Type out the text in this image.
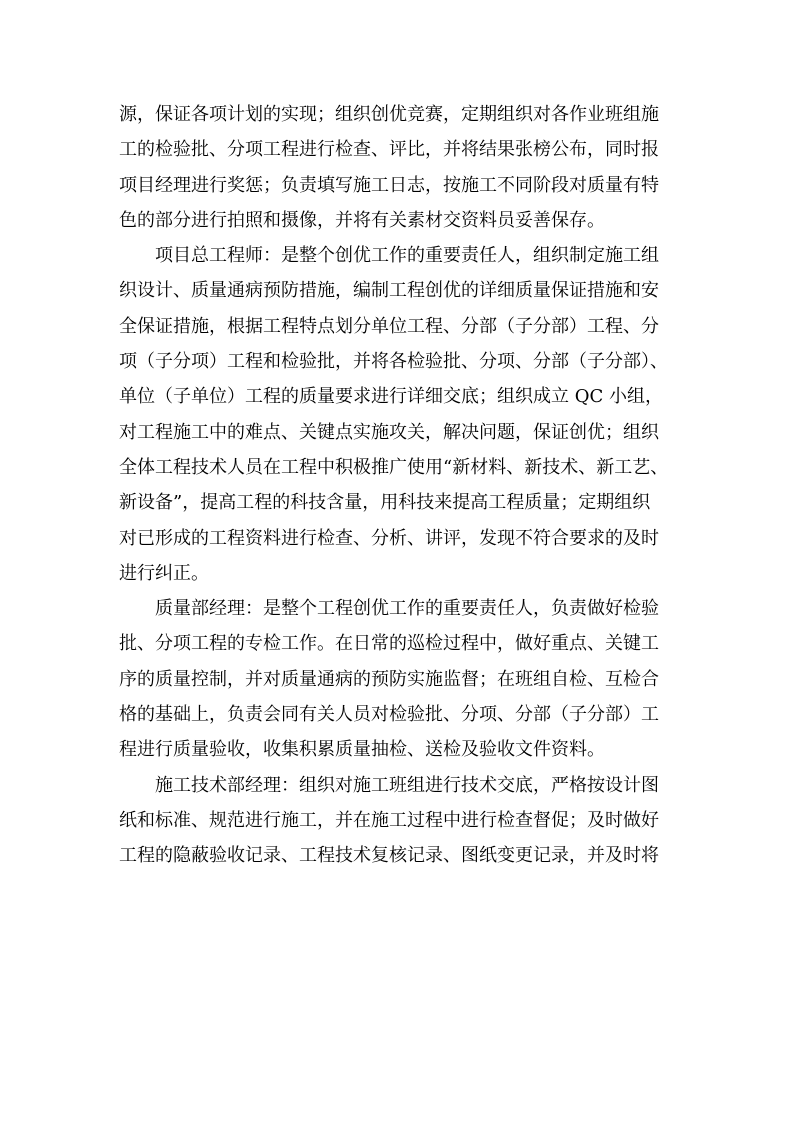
源，保证各项计划的实现；组织创优竞赛，定期组织对各作业班组施
工的检验批、分项工程进行检查、评比，并将结果张榜公布，同时报
项目经理进行奖惩；负责填写施工日志，按施工不同阶段对质量有特
色的部分进行拍照和摄像，并将有关素材交资料员妥善保存。

项目总工程师：是整个创优工作的重要责任人，组织制定施工组
织设计、质量通病预防措施，编制工程创优的详细质量保证措施和安
全保证措施，根据工程特点划分单位工程、分部（子分部）工程、分
项（子分项）工程和检验批，并将各检验批、分项、分部（子分部）、
单位（子单位）工程的质量要求进行详细交底；组织成立 QC 小组，
对工程施工中的难点、关键点实施攻关，解决问题，保证创优；组织
全体工程技术人员在工程中积极推广使用“新材料、新技术、新工艺、
新设备”，提高工程的科技含量，用科技来提高工程质量；定期组织
对已形成的工程资料进行检查、分析、讲评，发现不符合要求的及时
进行纠正。

质量部经理：是整个工程创优工作的重要责任人，负责做好检验
批、分项工程的专检工作。在日常的巡检过程中，做好重点、关键工
序的质量控制，并对质量通病的预防实施监督；在班组自检、互检合
格的基础上，负责会同有关人员对检验批、分项、分部（子分部）工
程进行质量验收，收集积累质量抽检、送检及验收文件资料。

施工技术部经理：组织对施工班组进行技术交底，严格按设计图
纸和标准、规范进行施工，并在施工过程中进行检查督促；及时做好
工程的隐蔽验收记录、工程技术复核记录、图纸变更记录，并及时将
